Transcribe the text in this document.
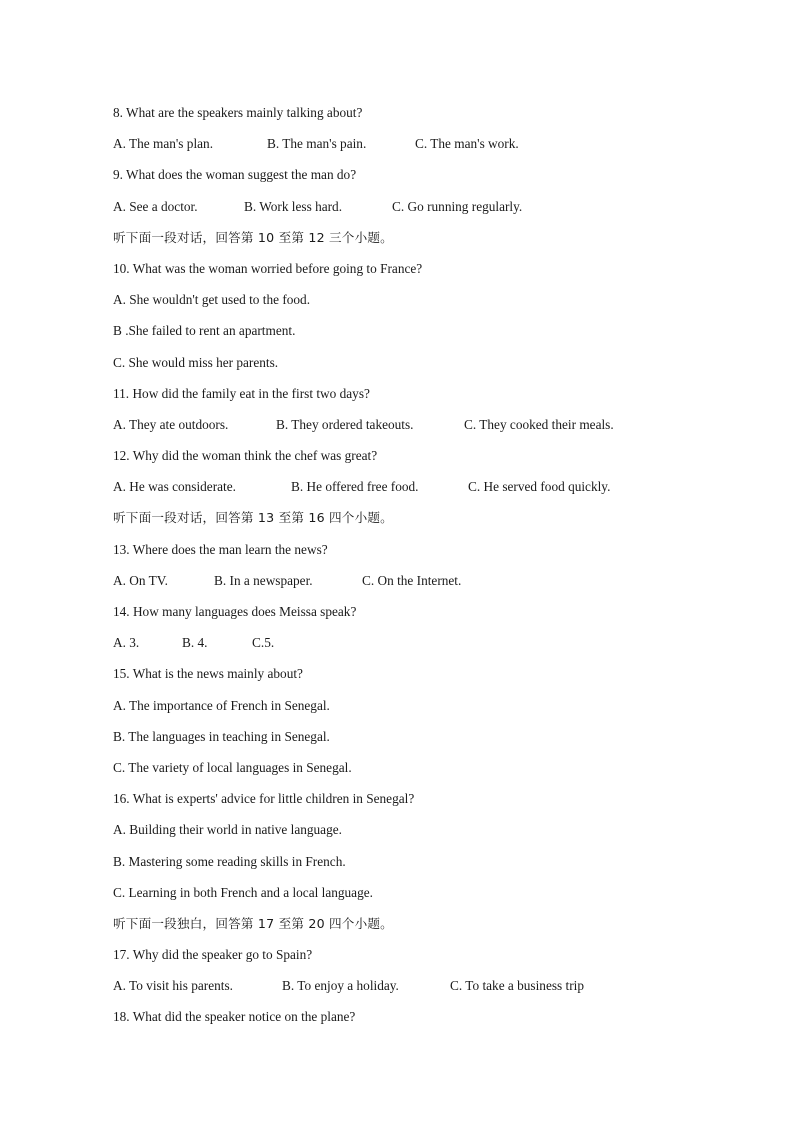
8. What are the speakers mainly talking about?
A. The man's plan.	B. The man's pain.	C. The man's work.
9. What does the woman suggest the man do?
A. See a doctor.	B. Work less hard.	C. Go running regularly.
听下面一段对话，回答第 10 至第 12 三个小题。
10. What was the woman worried before going to France?
A. She wouldn't get used to the food.
B .She failed to rent an apartment.
C. She would miss her parents.
11. How did the family eat in the first two days?
A. They ate outdoors.	B. They ordered takeouts.	C. They cooked their meals.
12. Why did the woman think the chef was great?
A. He was considerate.	B. He offered free food.	C. He served food quickly.
听下面一段对话，回答第 13 至第 16 四个小题。
13. Where does the man learn the news?
A. On TV.	B. In a newspaper.	C. On the Internet.
14. How many languages does Meissa speak?
A. 3.	B. 4.	C.5.
15. What is the news mainly about?
A. The importance of French in Senegal.
B. The languages in teaching in Senegal.
C. The variety of local languages in Senegal.
16. What is experts' advice for little children in Senegal?
A. Building their world in native language.
B. Mastering some reading skills in French.
C. Learning in both French and a local language.
听下面一段独白，回答第 17 至第 20 四个小题。
17. Why did the speaker go to Spain?
A. To visit his parents.	B. To enjoy a holiday.	C. To take a business trip
18. What did the speaker notice on the plane?
